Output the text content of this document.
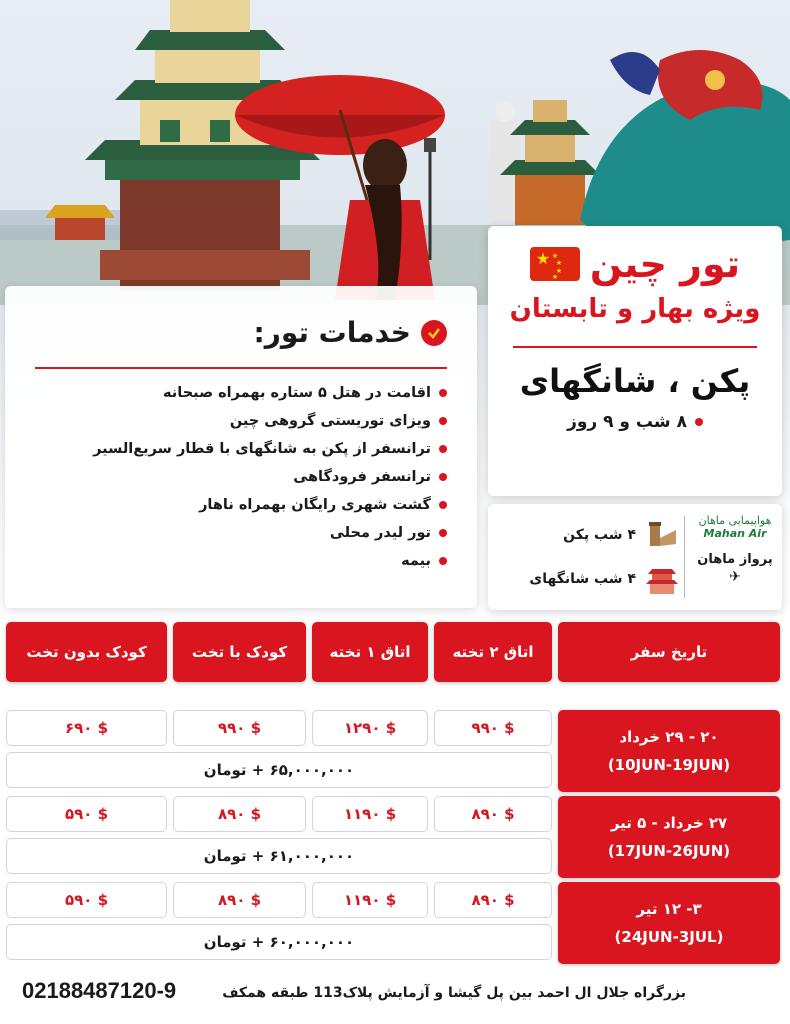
تور چین
★ ★
★
★
★
ویژه بهار و تابستان
پکن ، شانگهای
۸ شب و ۹ روز
خدمات تور:
اقامت در هتل ۵ ستاره بهمراه صبحانه
ویزای توریستی گروهی چین
ترانسفر از پکن به شانگهای با قطار سریع‌السیر
ترانسفر فرودگاهی
گشت شهری رایگان بهمراه ناهار
تور لیدر محلی
بیمه
هواپیمایی ماهان
Mahan Air
پرواز ماهان
✈
۴ شب پکن
۴ شب شانگهای
تاریخ سفر
اتاق ۲ تخته
اتاق ۱ تخته
کودک با تخت
کودک بدون تخت
۲۰ - ۲۹ خرداد
(10JUN-19JUN)
۹۹۰ $
۱۲۹۰ $
۹۹۰ $
۶۹۰ $
۶۵,۰۰۰,۰۰۰ + تومان
۲۷ خرداد - ۵ تیر
(17JUN-26JUN)
۸۹۰ $
۱۱۹۰ $
۸۹۰ $
۵۹۰ $
۶۱,۰۰۰,۰۰۰ + تومان
۳- ۱۲ تیر
(24JUN-3JUL)
۸۹۰ $
۱۱۹۰ $
۸۹۰ $
۵۹۰ $
۶۰,۰۰۰,۰۰۰ + تومان
02188487120-9	بزرگراه جلال ال احمد بین پل گیشا و آزمایش پلاک113 طبقه همکف
